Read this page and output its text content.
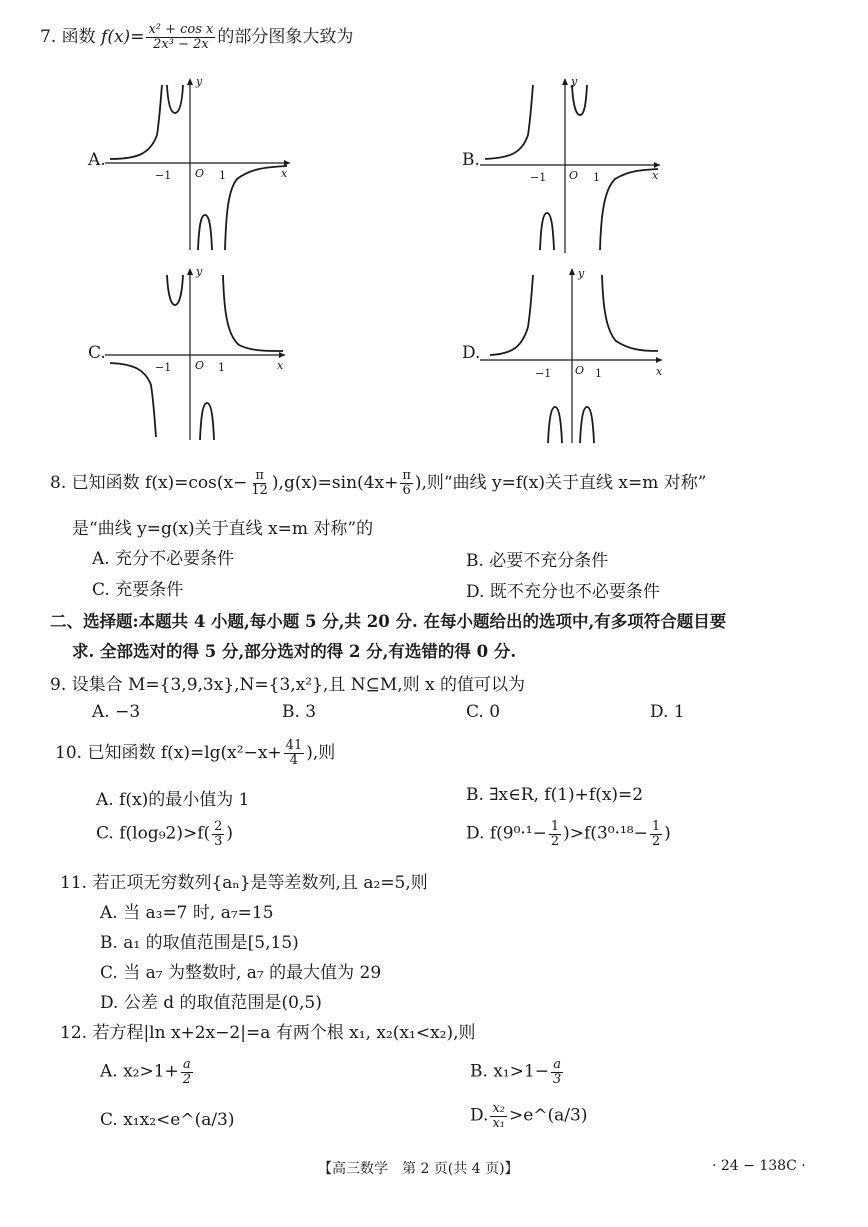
7. 函数 $f(x)= \frac{\text{x² + cos x}}{\text{2x³ − 2x}}$ 的部分图象大致为
A.
−1 O 1	x
y
B.
−1 O 1	x
y
C.
−1 O 1	x
y
D.
−1 O 1	x
y
8. 已知函数 $f(x)=\cos(x- \frac{\pi}{12} ),g(x)=\sin(4x+ \frac{\pi}{6}$ ),则“曲线 y=f(x)关于直线 x=m 对称”
是“曲线 y=g(x)关于直线 x=m 对称”的
A. 充分不必要条件	B. 必要不充分条件
C. 充要条件	D. 既不充分也不必要条件
二、选择题:本题共 4 小题,每小题 5 分,共 20 分. 在每小题给出的选项中,有多项符合题目要
求. 全部选对的得 5 分,部分选对的得 2 分,有选错的得 0 分.
9. 设集合 M={3,9,3x},N={3,x²},且 N⊆M,则 x 的值可以为
A. −3	B. 3	C. 0	D. 1
10. 已知函数 $f(x)=\lg(x^2-x+ \frac{41}{4}$ ),则
A. f(x)的最小值为 1	B. ∃x∈R, f(1)+f(x)=2
C. $f(\log_92)>f( \frac{2}{3}$ )	D. $f(9^0\cdot^1- \frac{1}{2} )>f(3^0\cdot^{18}- \frac{1}{2}$ )
11. 若正项无穷数列{aₙ}是等差数列,且 a₂=5,则
A. 当 a₃=7 时, a₇=15
B. a₁ 的取值范围是[5,15)
C. 当 a₇ 为整数时, a₇ 的最大值为 29
D. 公差 d 的取值范围是(0,5)
12. 若方程|ln x+2x−2|=a 有两个根 x₁, x₂(x₁<x₂),则
A. $x_2>1+ \frac{a}{2}$	B. $x_1>1- \frac{a}{3}$
C. x₁x₂<e^(a/3)	D. $\frac{\text{x₂}}{\text{x₁}}$ >e^(a/3)
【高三数学　第 2 页(共 4 页)】	· 24 − 138C ·
